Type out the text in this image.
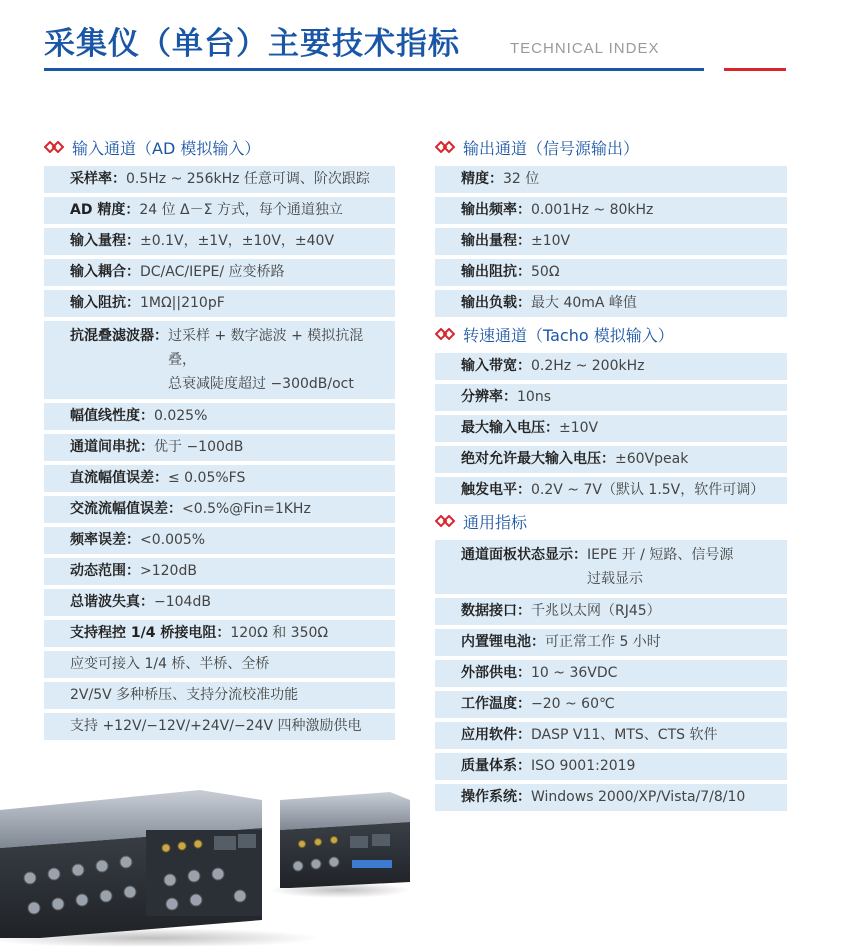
采集仪（单台）主要技术指标	TECHNICAL INDEX
输入通道（AD 模拟输入）
采样率： 0.5Hz ~ 256kHz 任意可调、阶次跟踪
AD 精度： 24 位 Δ－Σ 方式，每个通道独立
输入量程： ±0.1V，±1V，±10V，±40V
输入耦合： DC/AC/IEPE/ 应变桥路
输入阻抗： 1MΩ||210pF
抗混叠滤波器： 过采样 + 数字滤波 + 模拟抗混叠，
总衰减陡度超过 −300dB/oct
幅值线性度： 0.025%
通道间串扰： 优于 −100dB
直流幅值误差： ≤ 0.05%FS
交流流幅值误差： <0.5%@Fin=1KHz
频率误差： <0.005%
动态范围： >120dB
总谐波失真： −104dB
支持程控 1/4 桥接电阻： 120Ω 和 350Ω
应变可接入 1/4 桥、半桥、全桥
2V/5V 多种桥压、支持分流校准功能
支持 +12V/−12V/+24V/−24V 四种激励供电
输出通道（信号源输出）
精度： 32 位
输出频率： 0.001Hz ~ 80kHz
输出量程： ±10V
输出阻抗： 50Ω
输出负载： 最大 40mA 峰值
转速通道（Tacho 模拟输入）
输入带宽： 0.2Hz ~ 200kHz
分辨率： 10ns
最大输入电压： ±10V
绝对允许最大输入电压： ±60Vpeak
触发电平： 0.2V ~ 7V（默认 1.5V，软件可调）
通用指标
通道面板状态显示： IEPE 开 / 短路、信号源
过载显示
数据接口： 千兆以太网（RJ45）
内置锂电池： 可正常工作 5 小时
外部供电： 10 ~ 36VDC
工作温度： −20 ~ 60℃
应用软件： DASP V11、MTS、CTS 软件
质量体系： ISO 9001:2019
操作系统： Windows 2000/XP/Vista/7/8/10
